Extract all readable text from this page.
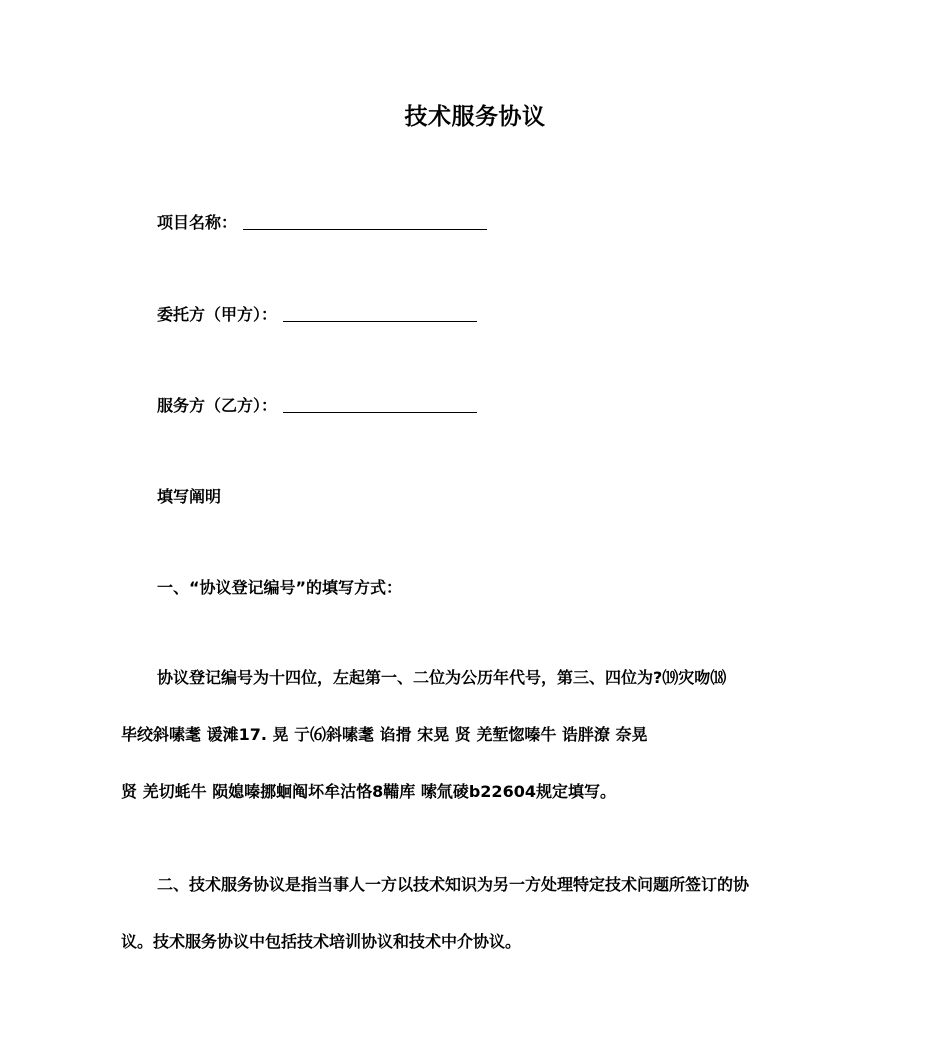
技术服务协议
项目名称：
委托方（甲方）：
服务方（乙方）：
填写阐明
一、“协议登记编号”的填写方式：
协议登记编号为十四位，左起第一、二位为公历年代号，第三、四位为?⒆灾吻⒅
毕绞斜嗉耄 谖滩17. 晃 亍⑹斜嗉耄 谄搰 宋晃 贤 羌堑惚嗪牛 诰胖潦 奈晃
贤 羌切蚝牛 陨媳嗪挪蛔阄坏牟沽恪8鞴库 嗦氚碐b22604规定填写。
二、技术服务协议是指当事人一方以技术知识为另一方处理特定技术问题所签订的协
议。技术服务协议中包括技术培训协议和技术中介协议。
